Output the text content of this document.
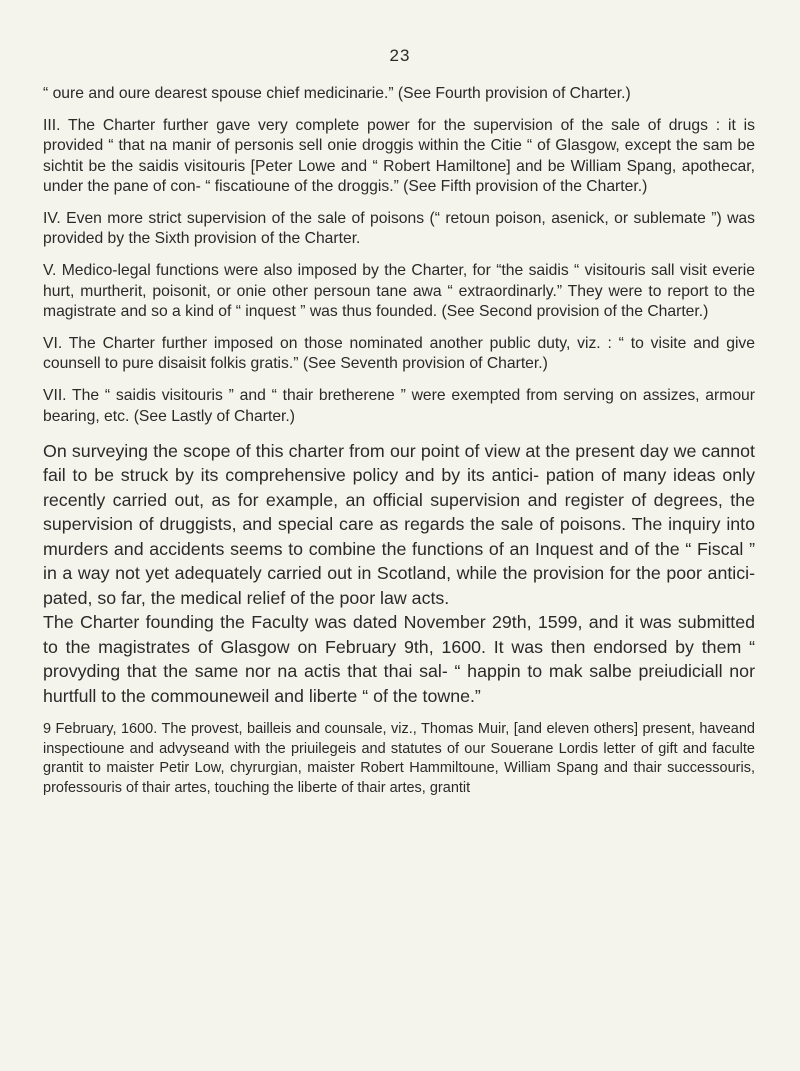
23

“ oure and oure dearest spouse chief medicinarie.” (See Fourth provision of Charter.)

III. The Charter further gave very complete power for the supervision of the sale of drugs : it is provided “ that na manir of personis sell onie droggis within the Citie “ of Glasgow, except the sam be sichtit be the saidis visitouris [Peter Lowe and “ Robert Hamiltone] and be William Spang, apothecar, under the pane of con- “ fiscatioune of the droggis.” (See Fifth provision of the Charter.)

IV. Even more strict supervision of the sale of poisons (“ retoun poison, asenick, or sublemate ”) was provided by the Sixth provision of the Charter.

V. Medico-legal functions were also imposed by the Charter, for “the saidis “ visitouris sall visit everie hurt, murtherit, poisonit, or onie other persoun tane awa “ extraordinarly.” They were to report to the magistrate and so a kind of “ inquest ” was thus founded. (See Second provision of the Charter.)

VI. The Charter further imposed on those nominated another public duty, viz. : “ to visite and give counsell to pure disaisit folkis gratis.” (See Seventh provision of Charter.)

VII. The “ saidis visitouris ” and “ thair bretherene ” were exempted from serving on assizes, armour bearing, etc. (See Lastly of Charter.)

On surveying the scope of this charter from our point of view at the present day we cannot fail to be struck by its comprehensive policy and by its antici- pation of many ideas only recently carried out, as for example, an official supervision and register of degrees, the supervision of druggists, and special care as regards the sale of poisons. The inquiry into murders and accidents seems to combine the functions of an Inquest and of the “ Fiscal ” in a way not yet adequately carried out in Scotland, while the provision for the poor antici- pated, so far, the medical relief of the poor law acts.

The Charter founding the Faculty was dated November 29th, 1599, and it was submitted to the magistrates of Glasgow on February 9th, 1600. It was then endorsed by them “ provyding that the same nor na actis that thai sal- “ happin to mak salbe preiudiciall nor hurtfull to the commouneweil and liberte “ of the towne.”

9 February, 1600. The provest, bailleis and counsale, viz., Thomas Muir, [and eleven others] present, haveand inspectioune and advyseand with the priuilegeis and statutes of our Souerane Lordis letter of gift and faculte grantit to maister Petir Low, chyrurgian, maister Robert Hammiltoune, William Spang and thair successouris, professouris of thair artes, touching the liberte of thair artes, grantit
